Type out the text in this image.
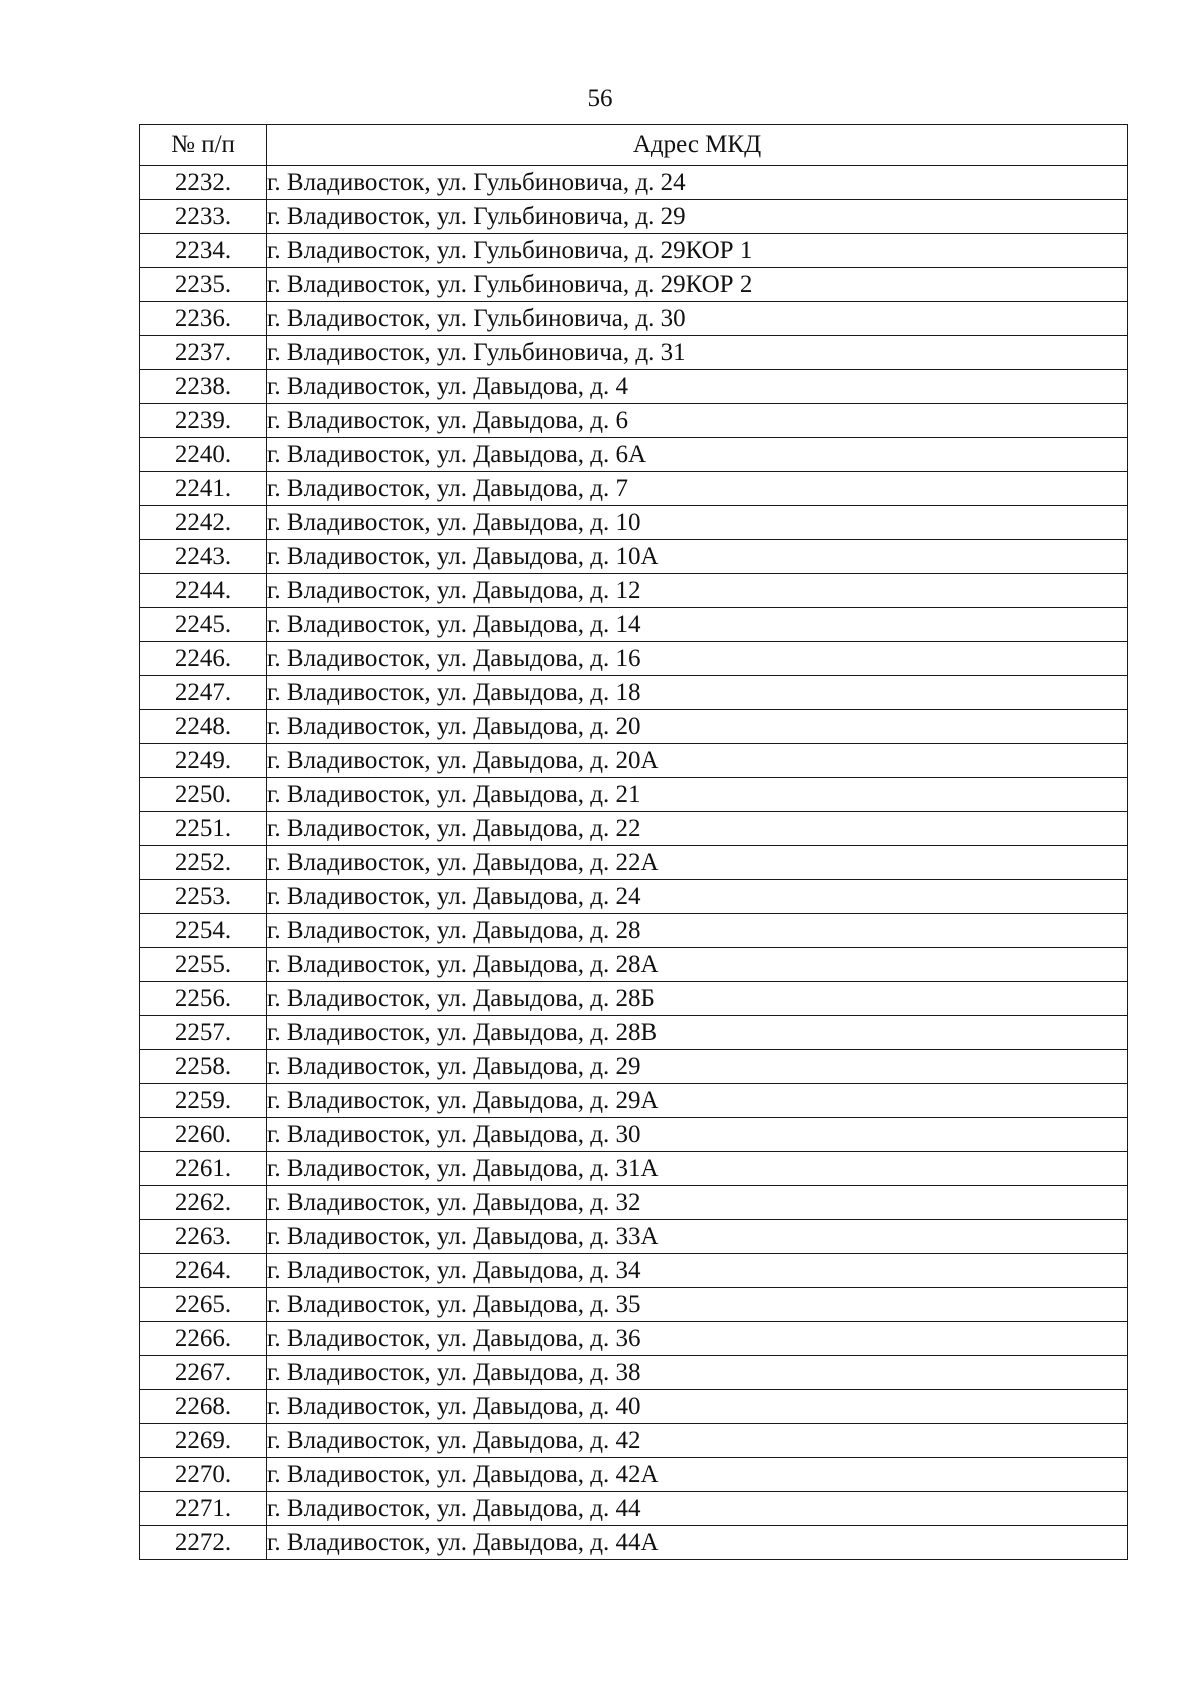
56
№ п/п	Адрес МКД
2232.	г. Владивосток, ул. Гульбиновича, д. 24
2233.	г. Владивосток, ул. Гульбиновича, д. 29
2234.	г. Владивосток, ул. Гульбиновича, д. 29КОР 1
2235.	г. Владивосток, ул. Гульбиновича, д. 29КОР 2
2236.	г. Владивосток, ул. Гульбиновича, д. 30
2237.	г. Владивосток, ул. Гульбиновича, д. 31
2238.	г. Владивосток, ул. Давыдова, д. 4
2239.	г. Владивосток, ул. Давыдова, д. 6
2240.	г. Владивосток, ул. Давыдова, д. 6А
2241.	г. Владивосток, ул. Давыдова, д. 7
2242.	г. Владивосток, ул. Давыдова, д. 10
2243.	г. Владивосток, ул. Давыдова, д. 10А
2244.	г. Владивосток, ул. Давыдова, д. 12
2245.	г. Владивосток, ул. Давыдова, д. 14
2246.	г. Владивосток, ул. Давыдова, д. 16
2247.	г. Владивосток, ул. Давыдова, д. 18
2248.	г. Владивосток, ул. Давыдова, д. 20
2249.	г. Владивосток, ул. Давыдова, д. 20А
2250.	г. Владивосток, ул. Давыдова, д. 21
2251.	г. Владивосток, ул. Давыдова, д. 22
2252.	г. Владивосток, ул. Давыдова, д. 22А
2253.	г. Владивосток, ул. Давыдова, д. 24
2254.	г. Владивосток, ул. Давыдова, д. 28
2255.	г. Владивосток, ул. Давыдова, д. 28А
2256.	г. Владивосток, ул. Давыдова, д. 28Б
2257.	г. Владивосток, ул. Давыдова, д. 28В
2258.	г. Владивосток, ул. Давыдова, д. 29
2259.	г. Владивосток, ул. Давыдова, д. 29А
2260.	г. Владивосток, ул. Давыдова, д. 30
2261.	г. Владивосток, ул. Давыдова, д. 31А
2262.	г. Владивосток, ул. Давыдова, д. 32
2263.	г. Владивосток, ул. Давыдова, д. 33А
2264.	г. Владивосток, ул. Давыдова, д. 34
2265.	г. Владивосток, ул. Давыдова, д. 35
2266.	г. Владивосток, ул. Давыдова, д. 36
2267.	г. Владивосток, ул. Давыдова, д. 38
2268.	г. Владивосток, ул. Давыдова, д. 40
2269.	г. Владивосток, ул. Давыдова, д. 42
2270.	г. Владивосток, ул. Давыдова, д. 42А
2271.	г. Владивосток, ул. Давыдова, д. 44
2272.	г. Владивосток, ул. Давыдова, д. 44А
